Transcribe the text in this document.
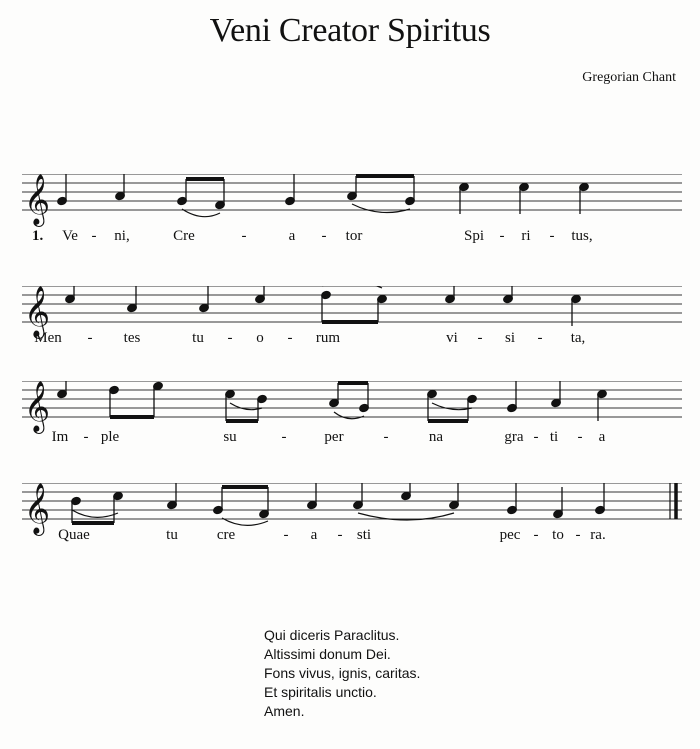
Veni Creator Spiritus
Gregorian Chant
𝄞
1. Ve - ni,	Cre	-	a - tor	Spi - ri - tus,
𝄞
Men - tes	tu - o - rum	vi - si - ta,
𝄞
Im - ple	su	-	per	-	na	gra - ti - a
𝄞
Quae	tu	cre	- a - sti	pec - to - ra.
Qui diceris Paraclitus.
Altissimi donum Dei.
Fons vivus, ignis, caritas.
Et spiritalis unctio.
Amen.
